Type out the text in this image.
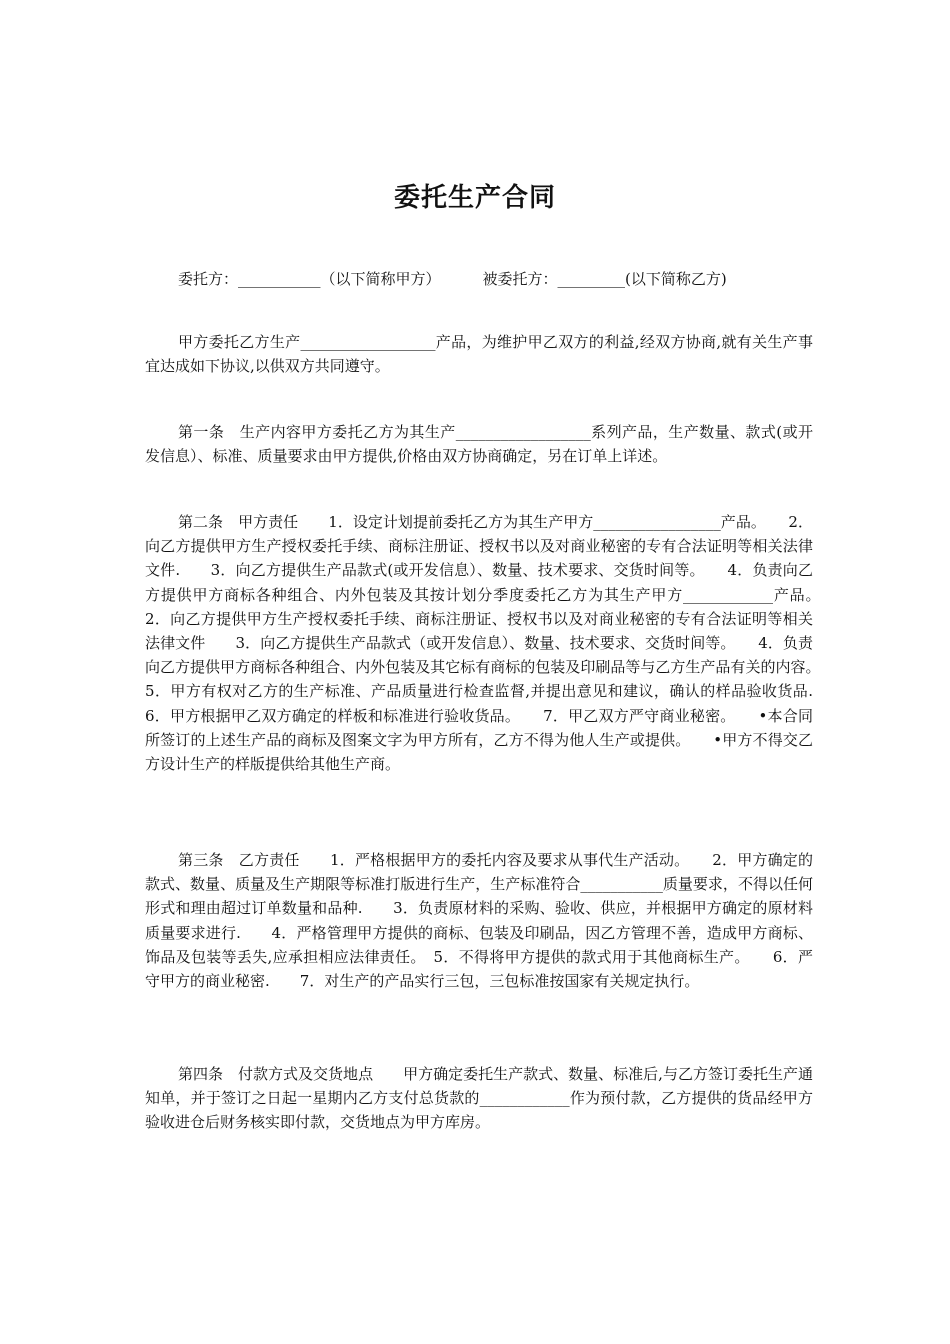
委托生产合同
委托方：___________（以下简称甲方）	被委托方：_________(以下简称乙方)
甲方委托乙方生产__________________产品，为维护甲乙双方的利益,经双方协商,就有关生产事宜达成如下协议,以供双方共同遵守。
第一条　生产内容甲方委托乙方为其生产__________________系列产品，生产数量、款式(或开发信息）、标准、质量要求由甲方提供,价格由双方协商确定，另在订单上详述。
第二条　甲方责任　　1．设定计划提前委托乙方为其生产甲方_________________产品。　　2．向乙方提供甲方生产授权委托手续、商标注册证、授权书以及对商业秘密的专有合法证明等相关法律文件.　　3．向乙方提供生产品款式(或开发信息）、数量、技术要求、交货时间等。　　4．负责向乙方提供甲方商标各种组合、内外包装及其按计划分季度委托乙方为其生产甲方____________产品。　　2．向乙方提供甲方生产授权委托手续、商标注册证、授权书以及对商业秘密的专有合法证明等相关法律文件　　3．向乙方提供生产品款式（或开发信息）、数量、技术要求、交货时间等。　　4．负责向乙方提供甲方商标各种组合、内外包装及其它标有商标的包装及印刷品等与乙方生产品有关的内容。　　5．甲方有权对乙方的生产标准、产品质量进行检查监督,并提出意见和建议，确认的样品验收货品.　　6．甲方根据甲乙双方确定的样板和标准进行验收货品。　　7．甲乙双方严守商业秘密。　　•本合同所签订的上述生产品的商标及图案文字为甲方所有，乙方不得为他人生产或提供。　　•甲方不得交乙方设计生产的样版提供给其他生产商。
第三条　乙方责任　　1．严格根据甲方的委托内容及要求从事代生产活动。　　2．甲方确定的款式、数量、质量及生产期限等标准打版进行生产，生产标准符合___________质量要求，不得以任何形式和理由超过订单数量和品种.　　3．负责原材料的采购、验收、供应，并根据甲方确定的原材料质量要求进行.　　4．严格管理甲方提供的商标、包装及印刷品，因乙方管理不善，造成甲方商标、饰品及包装等丢失,应承担相应法律责任。　5．不得将甲方提供的款式用于其他商标生产。　　6．严守甲方的商业秘密.　　7．对生产的产品实行三包，三包标准按国家有关规定执行。
第四条　付款方式及交货地点　　甲方确定委托生产款式、数量、标准后,与乙方签订委托生产通知单，并于签订之日起一星期内乙方支付总货款的____________作为预付款，乙方提供的货品经甲方验收进仓后财务核实即付款，交货地点为甲方库房。
